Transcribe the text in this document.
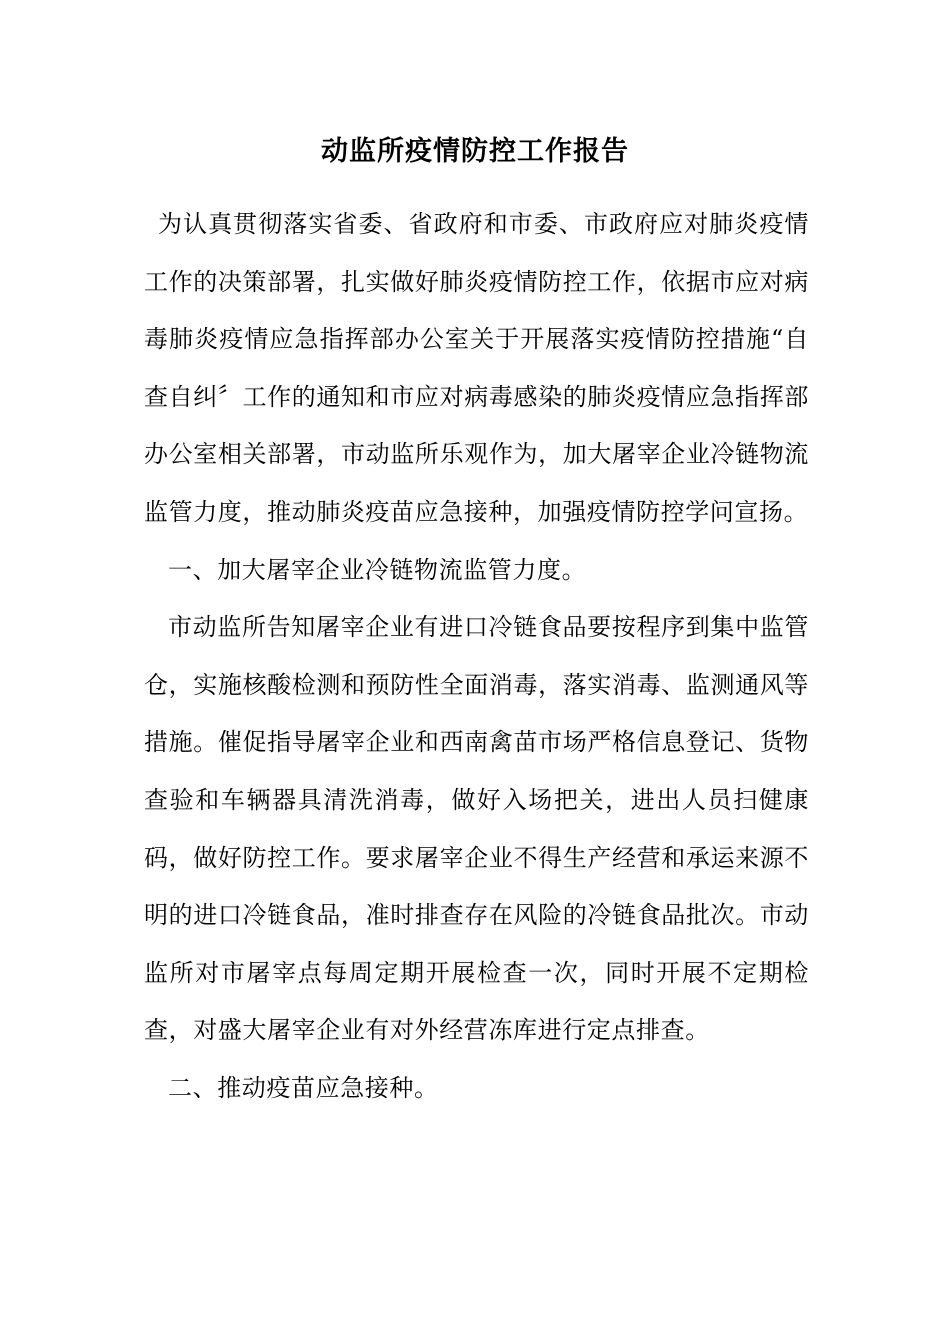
动监所疫情防控工作报告

为认真贯彻落实省委、省政府和市委、市政府应对肺炎疫情工作的决策部署，扎实做好肺炎疫情防控工作，依据市应对病毒肺炎疫情应急指挥部办公室关于开展落实疫情防控措施“自查自纠〞工作的通知和市应对病毒感染的肺炎疫情应急指挥部办公室相关部署，市动监所乐观作为，加大屠宰企业冷链物流监管力度，推动肺炎疫苗应急接种，加强疫情防控学问宣扬。

一、加大屠宰企业冷链物流监管力度。

市动监所告知屠宰企业有进口冷链食品要按程序到集中监管仓，实施核酸检测和预防性全面消毒，落实消毒、监测通风等措施。催促指导屠宰企业和西南禽苗市场严格信息登记、货物查验和车辆器具清洗消毒，做好入场把关，进出人员扫健康码，做好防控工作。要求屠宰企业不得生产经营和承运来源不明的进口冷链食品，准时排查存在风险的冷链食品批次。市动监所对市屠宰点每周定期开展检查一次，同时开展不定期检查，对盛大屠宰企业有对外经营冻库进行定点排查。

二、推动疫苗应急接种。
